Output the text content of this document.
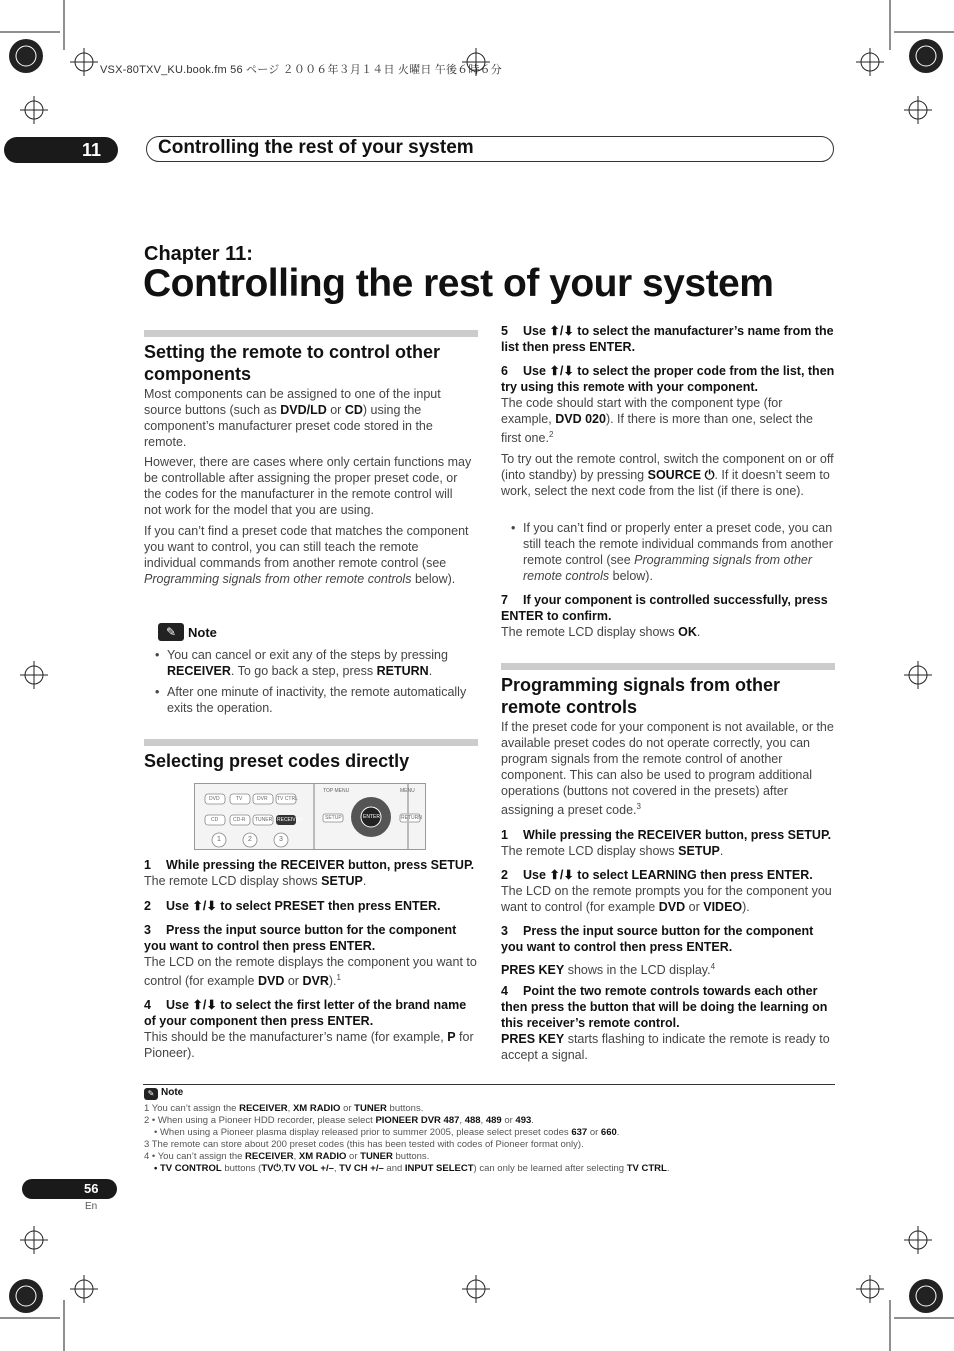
VSX-80TXV_KU.book.fm 56 ページ ２００６年３月１４日 火曜日 午後６時６分
11	Controlling the rest of your system
Chapter 11:
Controlling the rest of your system
Setting the remote to control other
components
Most components can be assigned to one of the input source buttons (such as DVD/LD or CD) using the component’s manufacturer preset code stored in the remote.
However, there are cases where only certain functions may be controllable after assigning the proper preset code, or the codes for the manufacturer in the remote control will not work for the model that you are using.
If you can’t find a preset code that matches the component you want to control, you can still teach the remote individual commands from another remote control (see Programming signals from other remote controls below).
✎ Note
• You can cancel or exit any of the steps by pressing RECEIVER. To go back a step, press RETURN.
• After one minute of inactivity, the remote automatically exits the operation.
Selecting preset codes directly
DVD	TV	DVR TV CTRL
CD	CD-R TUNER RECEIVER
1	2	3
TOP MENU	MENU
SETUP	RETURN
ENTER
1 While pressing the RECEIVER button, press SETUP.
The remote LCD display shows SETUP.
2 Use ⬆/⬇ to select PRESET then press ENTER.
3 Press the input source button for the component you want to control then press ENTER.
The LCD on the remote displays the component you want to control (for example DVD or DVR).$^1$
4 Use ⬆/⬇ to select the first letter of the brand name of your component then press ENTER.
This should be the manufacturer’s name (for example, P for Pioneer).
5 Use ⬆/⬇ to select the manufacturer’s name from the list then press ENTER.
6 Use ⬆/⬇ to select the proper code from the list, then try using this remote with your component.
The code should start with the component type (for example, DVD 020). If there is more than one, select the first one.$^2$
To try out the remote control, switch the component on or off (into standby) by pressing SOURCE ⏻. If it doesn’t seem to work, select the next code from the list (if there is one).
• If you can’t find or properly enter a preset code, you can still teach the remote individual commands from another remote control (see Programming signals from other remote controls below).
7 If your component is controlled successfully, press ENTER to confirm.
The remote LCD display shows OK.
Programming signals from other
remote controls
If the preset code for your component is not available, or the available preset codes do not operate correctly, you can program signals from the remote control of another component. This can also be used to program additional operations (buttons not covered in the presets) after assigning a preset code.$^3$
1 While pressing the RECEIVER button, press SETUP.
The remote LCD display shows SETUP.
2 Use ⬆/⬇ to select LEARNING then press ENTER.
The LCD on the remote prompts you for the component you want to control (for example DVD or VIDEO).
3 Press the input source button for the component you want to control then press ENTER.
PRES KEY shows in the LCD display.$^4$
4 Point the two remote controls towards each other then press the button that will be doing the learning on this receiver’s remote control.
PRES KEY starts flashing to indicate the remote is ready to accept a signal.
✎ Note
1 You can’t assign the RECEIVER, XM RADIO or TUNER buttons.
2 • When using a Pioneer HDD recorder, please select PIONEER DVR 487, 488, 489 or 493.
• When using a Pioneer plasma display released prior to summer 2005, please select preset codes 637 or 660.
3 The remote can store about 200 preset codes (this has been tested with codes of Pioneer format only).
4 • You can’t assign the RECEIVER, XM RADIO or TUNER buttons.
• TV CONTROL buttons (TV⏻,TV VOL +/–, TV CH +/– and INPUT SELECT) can only be learned after selecting TV CTRL.
56
En
